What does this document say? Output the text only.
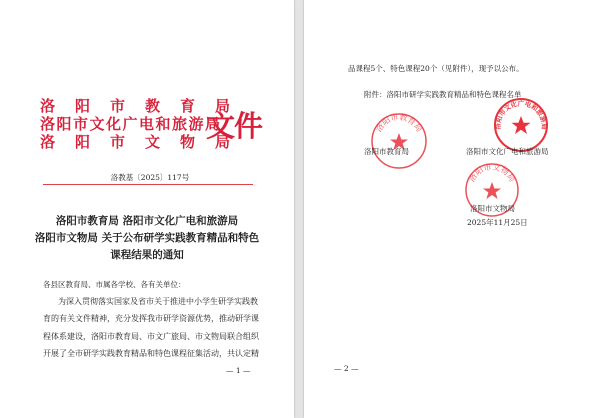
洛阳市教育局
洛阳市文化广电和旅游局
洛阳市文物局
文件
洛教基〔2025〕117号
洛阳市教育局 洛阳市文化广电和旅游局
洛阳市文物局 关于公布研学实践教育精品和特色
课程结果的通知
各县区教育局、市属各学校、各有关单位：
为深入贯彻落实国家及省市关于推进中小学生研学实践教
育的有关文件精神，充分发挥我市研学资源优势，推动研学课
程体系建设，洛阳市教育局、市文广旅局、市文物局联合组织
开展了全市研学实践教育精品和特色课程征集活动，共认定精
— 1 —
品课程5个、特色课程20个（见附件），现予以公布。
附件：洛阳市研学实践教育精品和特色课程名单
洛阳市教育局	洛阳市文化广电和旅游局
洛阳市文物局
洛阳市教育局	洛阳市文化广电和旅游局
洛阳市文物局
2025年11月25日
— 2 —
